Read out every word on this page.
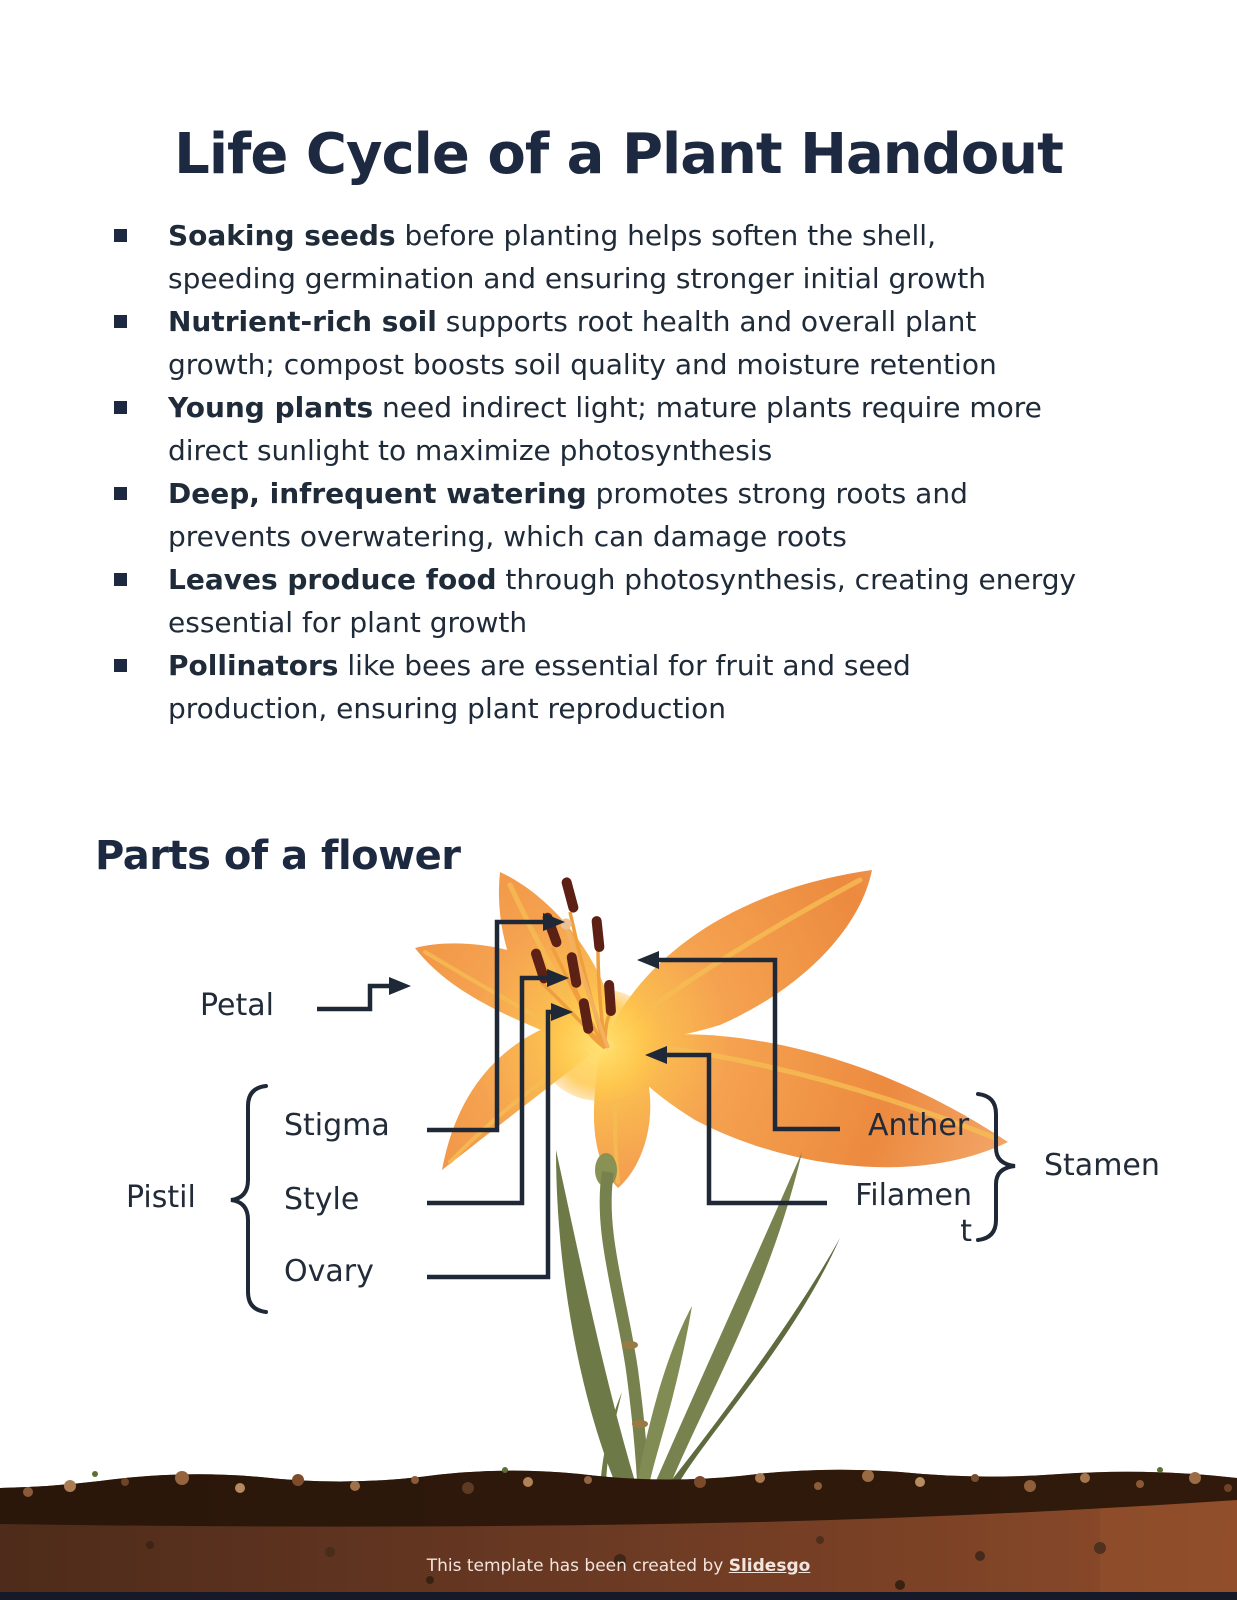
Life Cycle of a Plant Handout
Soaking seeds before planting helps soften the shell,
speeding germination and ensuring stronger initial growth
Nutrient-rich soil supports root health and overall plant
growth; compost boosts soil quality and moisture retention
Young plants need indirect light; mature plants require more
direct sunlight to maximize photosynthesis
Deep, infrequent watering promotes strong roots and
prevents overwatering, which can damage roots
Leaves produce food through photosynthesis, creating energy
essential for plant growth
Pollinators like bees are essential for fruit and seed
production, ensuring plant reproduction
Parts of a flower
Petal
Pistil
Stigma
Style
Ovary
Anther
Filament
Stamen
This template has been created by Slidesgo
